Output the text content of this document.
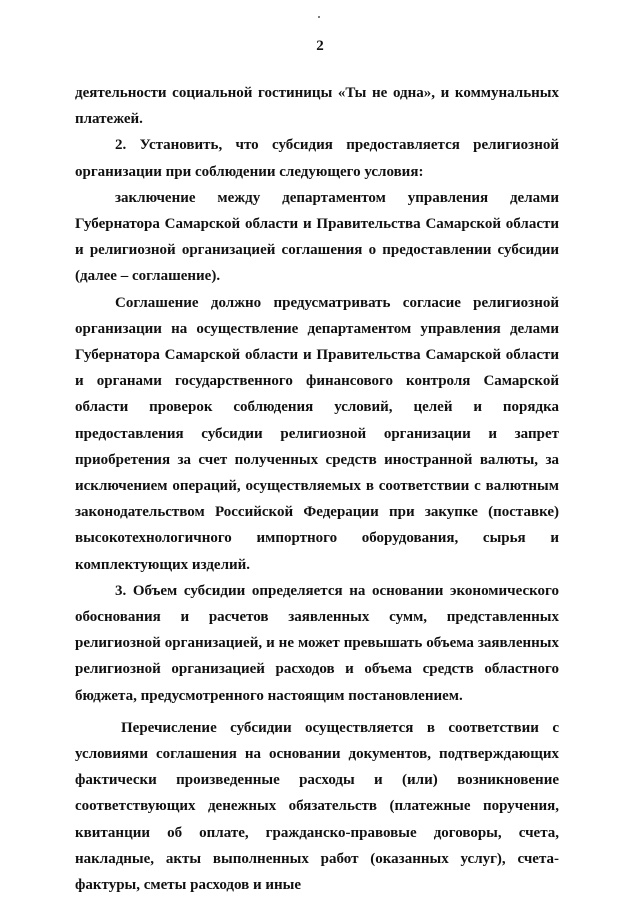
2

деятельности социальной гостиницы «Ты не одна», и коммунальных платежей.

2. Установить, что субсидия предоставляется религиозной организации при соблюдении следующего условия:

заключение между департаментом управления делами Губернатора Самарской области и Правительства Самарской области и религиозной организацией соглашения о предоставлении субсидии (далее – соглашение).

Соглашение должно предусматривать согласие религиозной организации на осуществление департаментом управления делами Губернатора Самарской области и Правительства Самарской области и органами государственного финансового контроля Самарской области проверок соблюдения условий, целей и порядка предоставления субсидии религиозной организации и запрет приобретения за счет полученных средств иностранной валюты, за исключением операций, осуществляемых в соответствии с валютным законодательством Российской Федерации при закупке (поставке) высокотехнологичного импортного оборудования, сырья и комплектующих изделий.

3. Объем субсидии определяется на основании экономического обоснования и расчетов заявленных сумм, представленных религиозной организацией, и не может превышать объема заявленных религиозной организацией расходов и объема средств областного бюджета, предусмотренного настоящим постановлением.

Перечисление субсидии осуществляется в соответствии с условиями соглашения на основании документов, подтверждающих фактически произведенные расходы и (или) возникновение соответствующих денежных обязательств (платежные поручения, квитанции об оплате, гражданско-правовые договоры, счета, накладные, акты выполненных работ (оказанных услуг), счета-фактуры, сметы расходов и иные
